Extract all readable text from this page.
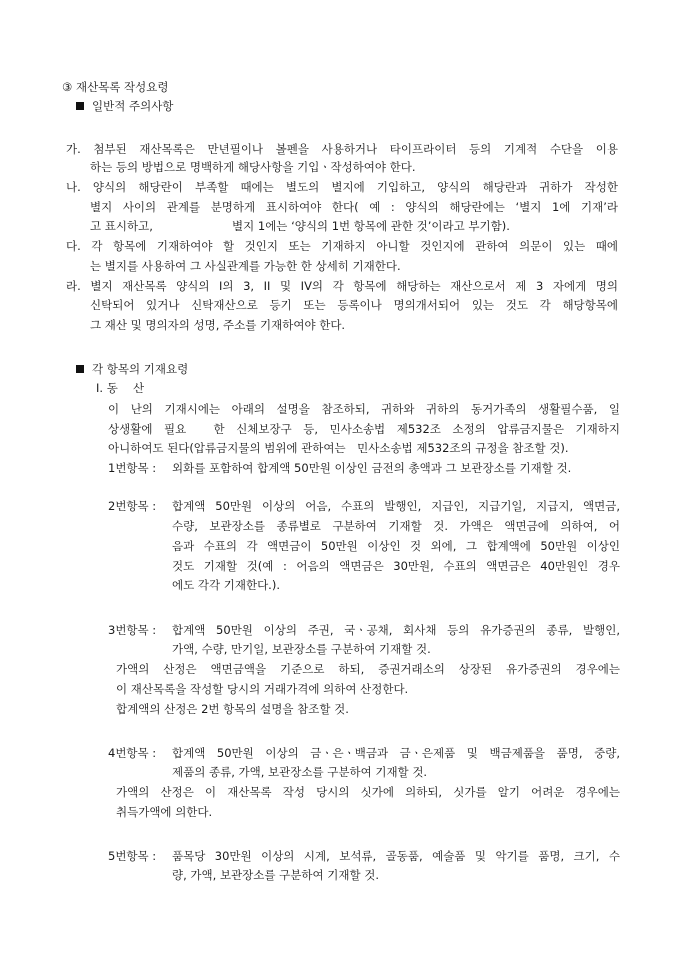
③ 재산목록 작성요령
일반적 주의사항
가. 첨부된 재산목록은 만년필이나 볼펜을 사용하거나 타이프라이터 등의 기계적 수단을 이용
하는 등의 방법으로 명백하게 해당사항을 기입ㆍ작성하여야 한다.
나. 양식의 해당란이 부족할 때에는 별도의 별지에 기입하고, 양식의 해당란과 귀하가 작성한
별지 사이의 관계를 분명하게 표시하여야 한다( 예 : 양식의 해당란에는 ‘별지 1에 기재’라
고 표시하고,	별지 1에는 ‘양식의 1번 항목에 관한 것’이라고 부기함).
다. 각 항목에 기재하여야 할 것인지 또는 기재하지 아니할 것인지에 관하여 의문이 있는 때에
는 별지를 사용하여 그 사실관계를 가능한 한 상세히 기재한다.
라. 별지 재산목록 양식의 I의 3, II 및 IV의 각 항목에 해당하는 재산으로서 제 3 자에게 명의
신탁되어 있거나 신탁재산으로 등기 또는 등록이나 명의개서되어 있는 것도 각 해당항목에
그 재산 및 명의자의 성명, 주소를 기재하여야 한다.
각 항목의 기재요령
I. 동　 산
이 난의 기재시에는 아래의 설명을 참조하되, 귀하와 귀하의 동거가족의 생활필수품, 일
상생활에 필요　한 신체보장구 등, 민사소송법 제532조 소정의 압류금지물은 기재하지
아니하여도 된다(압류금지물의 범위에 관하여는　민사소송법 제532조의 규정을 참조할 것).
1번항목 : 외화를 포함하여 합계액 50만원 이상인 금전의 총액과 그 보관장소를 기재할 것.
2번항목 : 합계액 50만원 이상의 어음, 수표의 발행인, 지급인, 지급기일, 지급지, 액면금,
수량, 보관장소를 종류별로 구분하여 기재할 것. 가액은 액면금에 의하여, 어
음과 수표의 각 액면금이 50만원 이상인 것 외에, 그 합계액에 50만원 이상인
것도 기재할 것(예 : 어음의 액면금은 30만원, 수표의 액면금은 40만원인 경우
에도 각각 기재한다.).
3번항목 : 합계액 50만원 이상의 주권, 국ㆍ공채, 회사채 등의 유가증권의 종류, 발행인,
가액, 수량, 만기일, 보관장소를 구분하여 기재할 것.
가액의 산정은 액면금액을 기준으로 하되, 증권거래소의 상장된 유가증권의 경우에는
이 재산목록을 작성할 당시의 거래가격에 의하여 산정한다.
합계액의 산정은 2번 항목의 설명을 참조할 것.
4번항목 : 합계액 50만원 이상의 금ㆍ은ㆍ백금과 금ㆍ은제품 및 백금제품을 품명, 중량,
제품의 종류, 가액, 보관장소를 구분하여 기재할 것.
가액의 산정은 이 재산목록 작성 당시의 싯가에 의하되, 싯가를 알기 어려운 경우에는
취득가액에 의한다.
5번항목 : 품목당 30만원 이상의 시계, 보석류, 골동품, 예술품 및 악기를 품명, 크기, 수
량, 가액, 보관장소를 구분하여 기재할 것.
